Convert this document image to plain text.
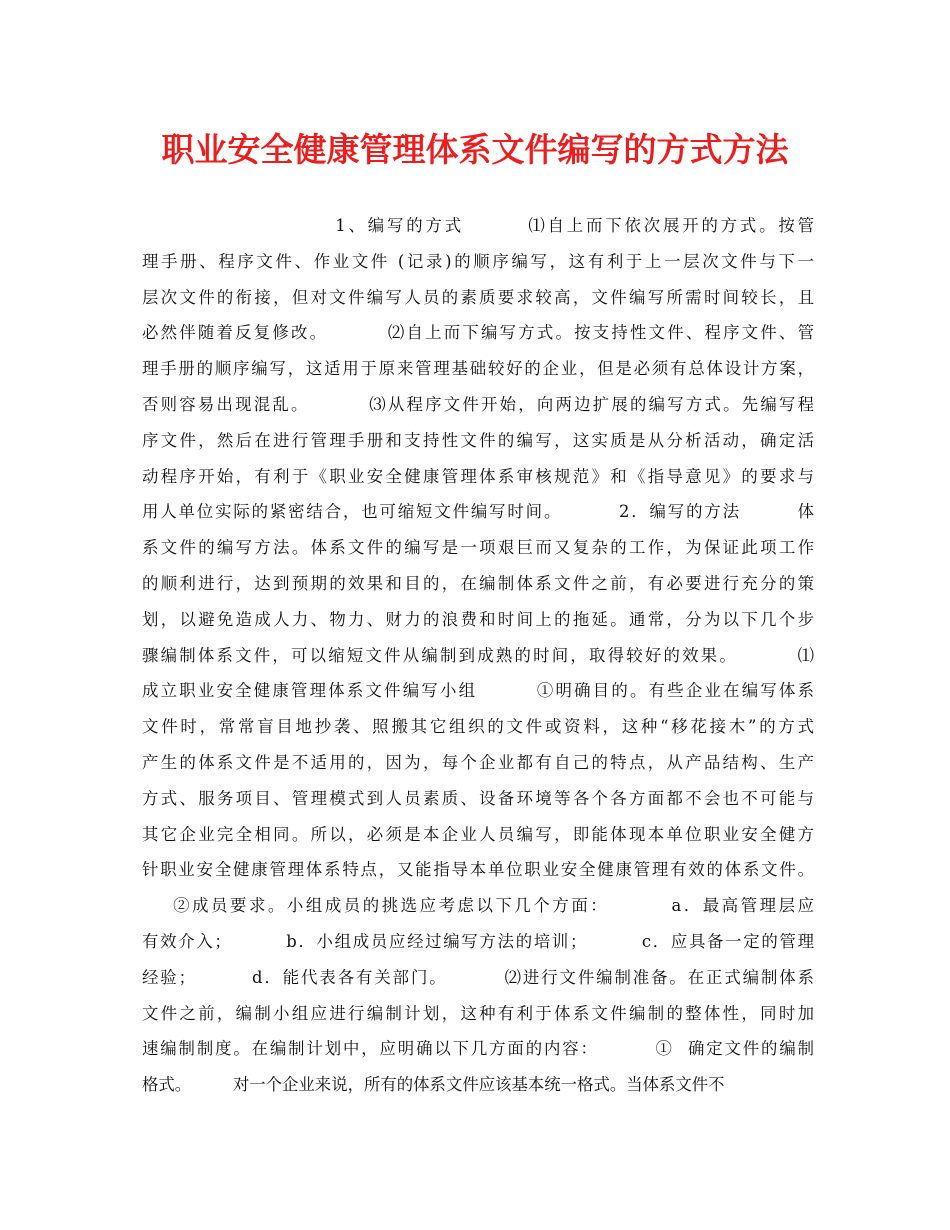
职业安全健康管理体系文件编写的方式方法
1、编写的方式        ⑴自上而下依次展开的方式。按管
理手册、程序文件、作业文件 (记录)的顺序编写，这有利于上一层次文件与下一
层次文件的衔接，但对文件编写人员的素质要求较高，文件编写所需时间较长，且
必然伴随着反复修改。        ⑵自上而下编写方式。按支持性文件、程序文件、管
理手册的顺序编写，这适用于原来管理基础较好的企业，但是必须有总体设计方案，
否则容易出现混乱。        ⑶从程序文件开始，向两边扩展的编写方式。先编写程
序文件，然后在进行管理手册和支持性文件的编写，这实质是从分析活动，确定活
动程序开始，有利于《职业安全健康管理体系审核规范》和《指导意见》的要求与
用人单位实际的紧密结合，也可缩短文件编写时间。        2．编写的方法        体
系文件的编写方法。体系文件的编写是一项艰巨而又复杂的工作，为保证此项工作
的顺利进行，达到预期的效果和目的，在编制体系文件之前，有必要进行充分的策
划，以避免造成人力、物力、财力的浪费和时间上的拖延。通常，分为以下几个步
骤编制体系文件，可以缩短文件从编制到成熟的时间，取得较好的效果。        ⑴
成立职业安全健康管理体系文件编写小组        ①明确目的。有些企业在编写体系
文件时，常常盲目地抄袭、照搬其它组织的文件或资料，这种“移花接木”的方式
产生的体系文件是不适用的，因为，每个企业都有自己的特点，从产品结构、生产
方式、服务项目、管理模式到人员素质、设备环境等各个各方面都不会也不可能与
其它企业完全相同。所以，必须是本企业人员编写，即能体现本单位职业安全健方
针职业安全健康管理体系特点，又能指导本单位职业安全健康管理有效的体系文件。
②成员要求。小组成员的挑选应考虑以下几个方面：        a．最高管理层应
有效介入；        b．小组成员应经过编写方法的培训；        c．应具备一定的管理
经验；        d．能代表各有关部门。        ⑵进行文件编制准备。在正式编制体系
文件之前，编制小组应进行编制计划，这种有利于体系文件编制的整体性，同时加
速编制制度。在编制计划中，应明确以下几方面的内容：        ①  确定文件的编制
格式。        对一个企业来说，所有的体系文件应该基本统一格式。当体系文件不
